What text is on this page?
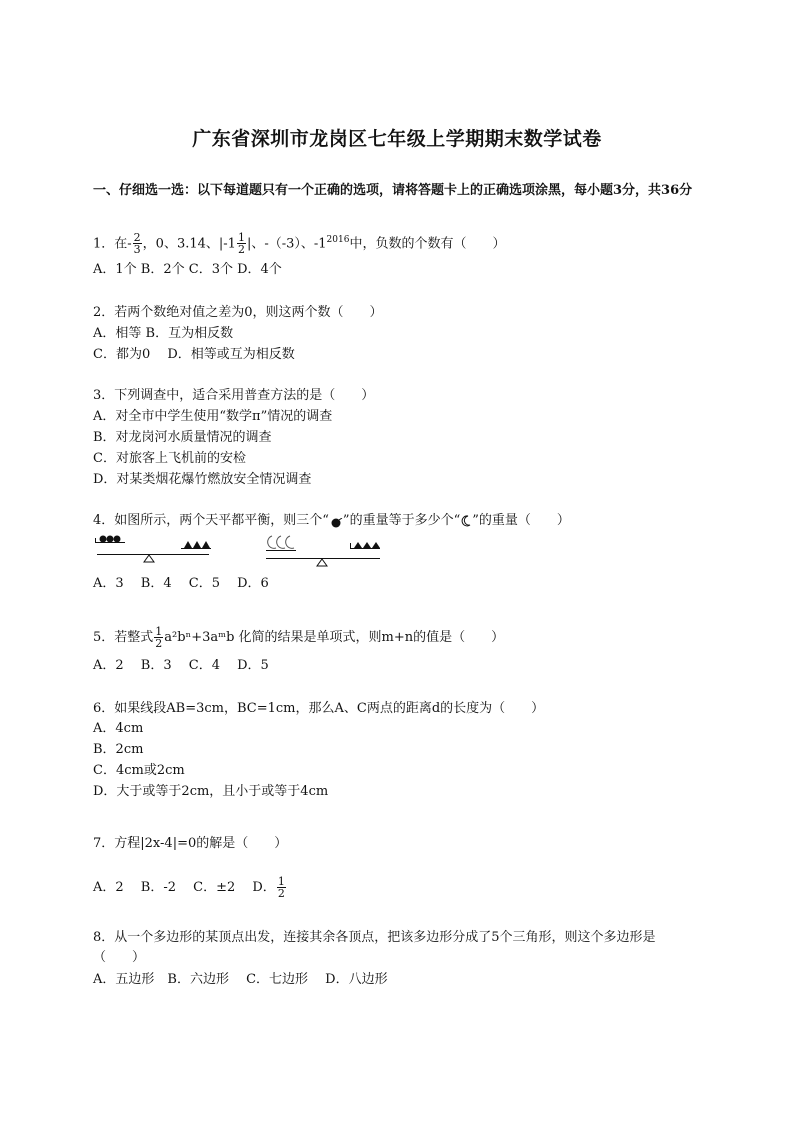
广东省深圳市龙岗区七年级上学期期末数学试卷
一、仔细选一选：以下每道题只有一个正确的选项，请将答题卡上的正确选项涂黑，每小题3分，共36分
1．在- $\frac{2}{3}$ ，0、3.14、$|-1 \frac{1}{2}$ |、-（-3）、$-1^{2016}$中，负数的个数有（　　）
A．1个 B．2个 C．3个 D．4个
2．若两个数绝对值之差为0，则这两个数（　　）
A．相等 B．互为相反数
C．都为0　 D．相等或互为相反数
3．下列调查中，适合采用普查方法的是（　　）
A．对全市中学生使用“数学π”情况的调查
B．对龙岗河水质量情况的调查
C．对旅客上飞机前的安检
D．对某类烟花爆竹燃放安全情况调查
4．如图所示，两个天平都平衡，则三个“ ”的重量等于多少个“ ”的重量（　　）
A．3　 B．4　 C．5　 D．6
5．若整式 $\frac{1}{2}$ a²bⁿ+3aᵐb 化简的结果是单项式，则m+n的值是（　　）
A．2　 B．3　 C．4　 D．5
6．如果线段AB=3cm，BC=1cm，那么A、C两点的距离d的长度为（　　）
A．4cm
B．2cm
C．4cm或2cm
D．大于或等于2cm，且小于或等于4cm
7．方程|2x-4|=0的解是（　　）
A．2　 B．-2　 C．±2　 D． $\frac{1}{2}$
8．从一个多边形的某顶点出发，连接其余各顶点，把该多边形分成了5个三角形，则这个多边形是
（　　）
A．五边形　B．六边形　 C．七边形　 D．八边形
